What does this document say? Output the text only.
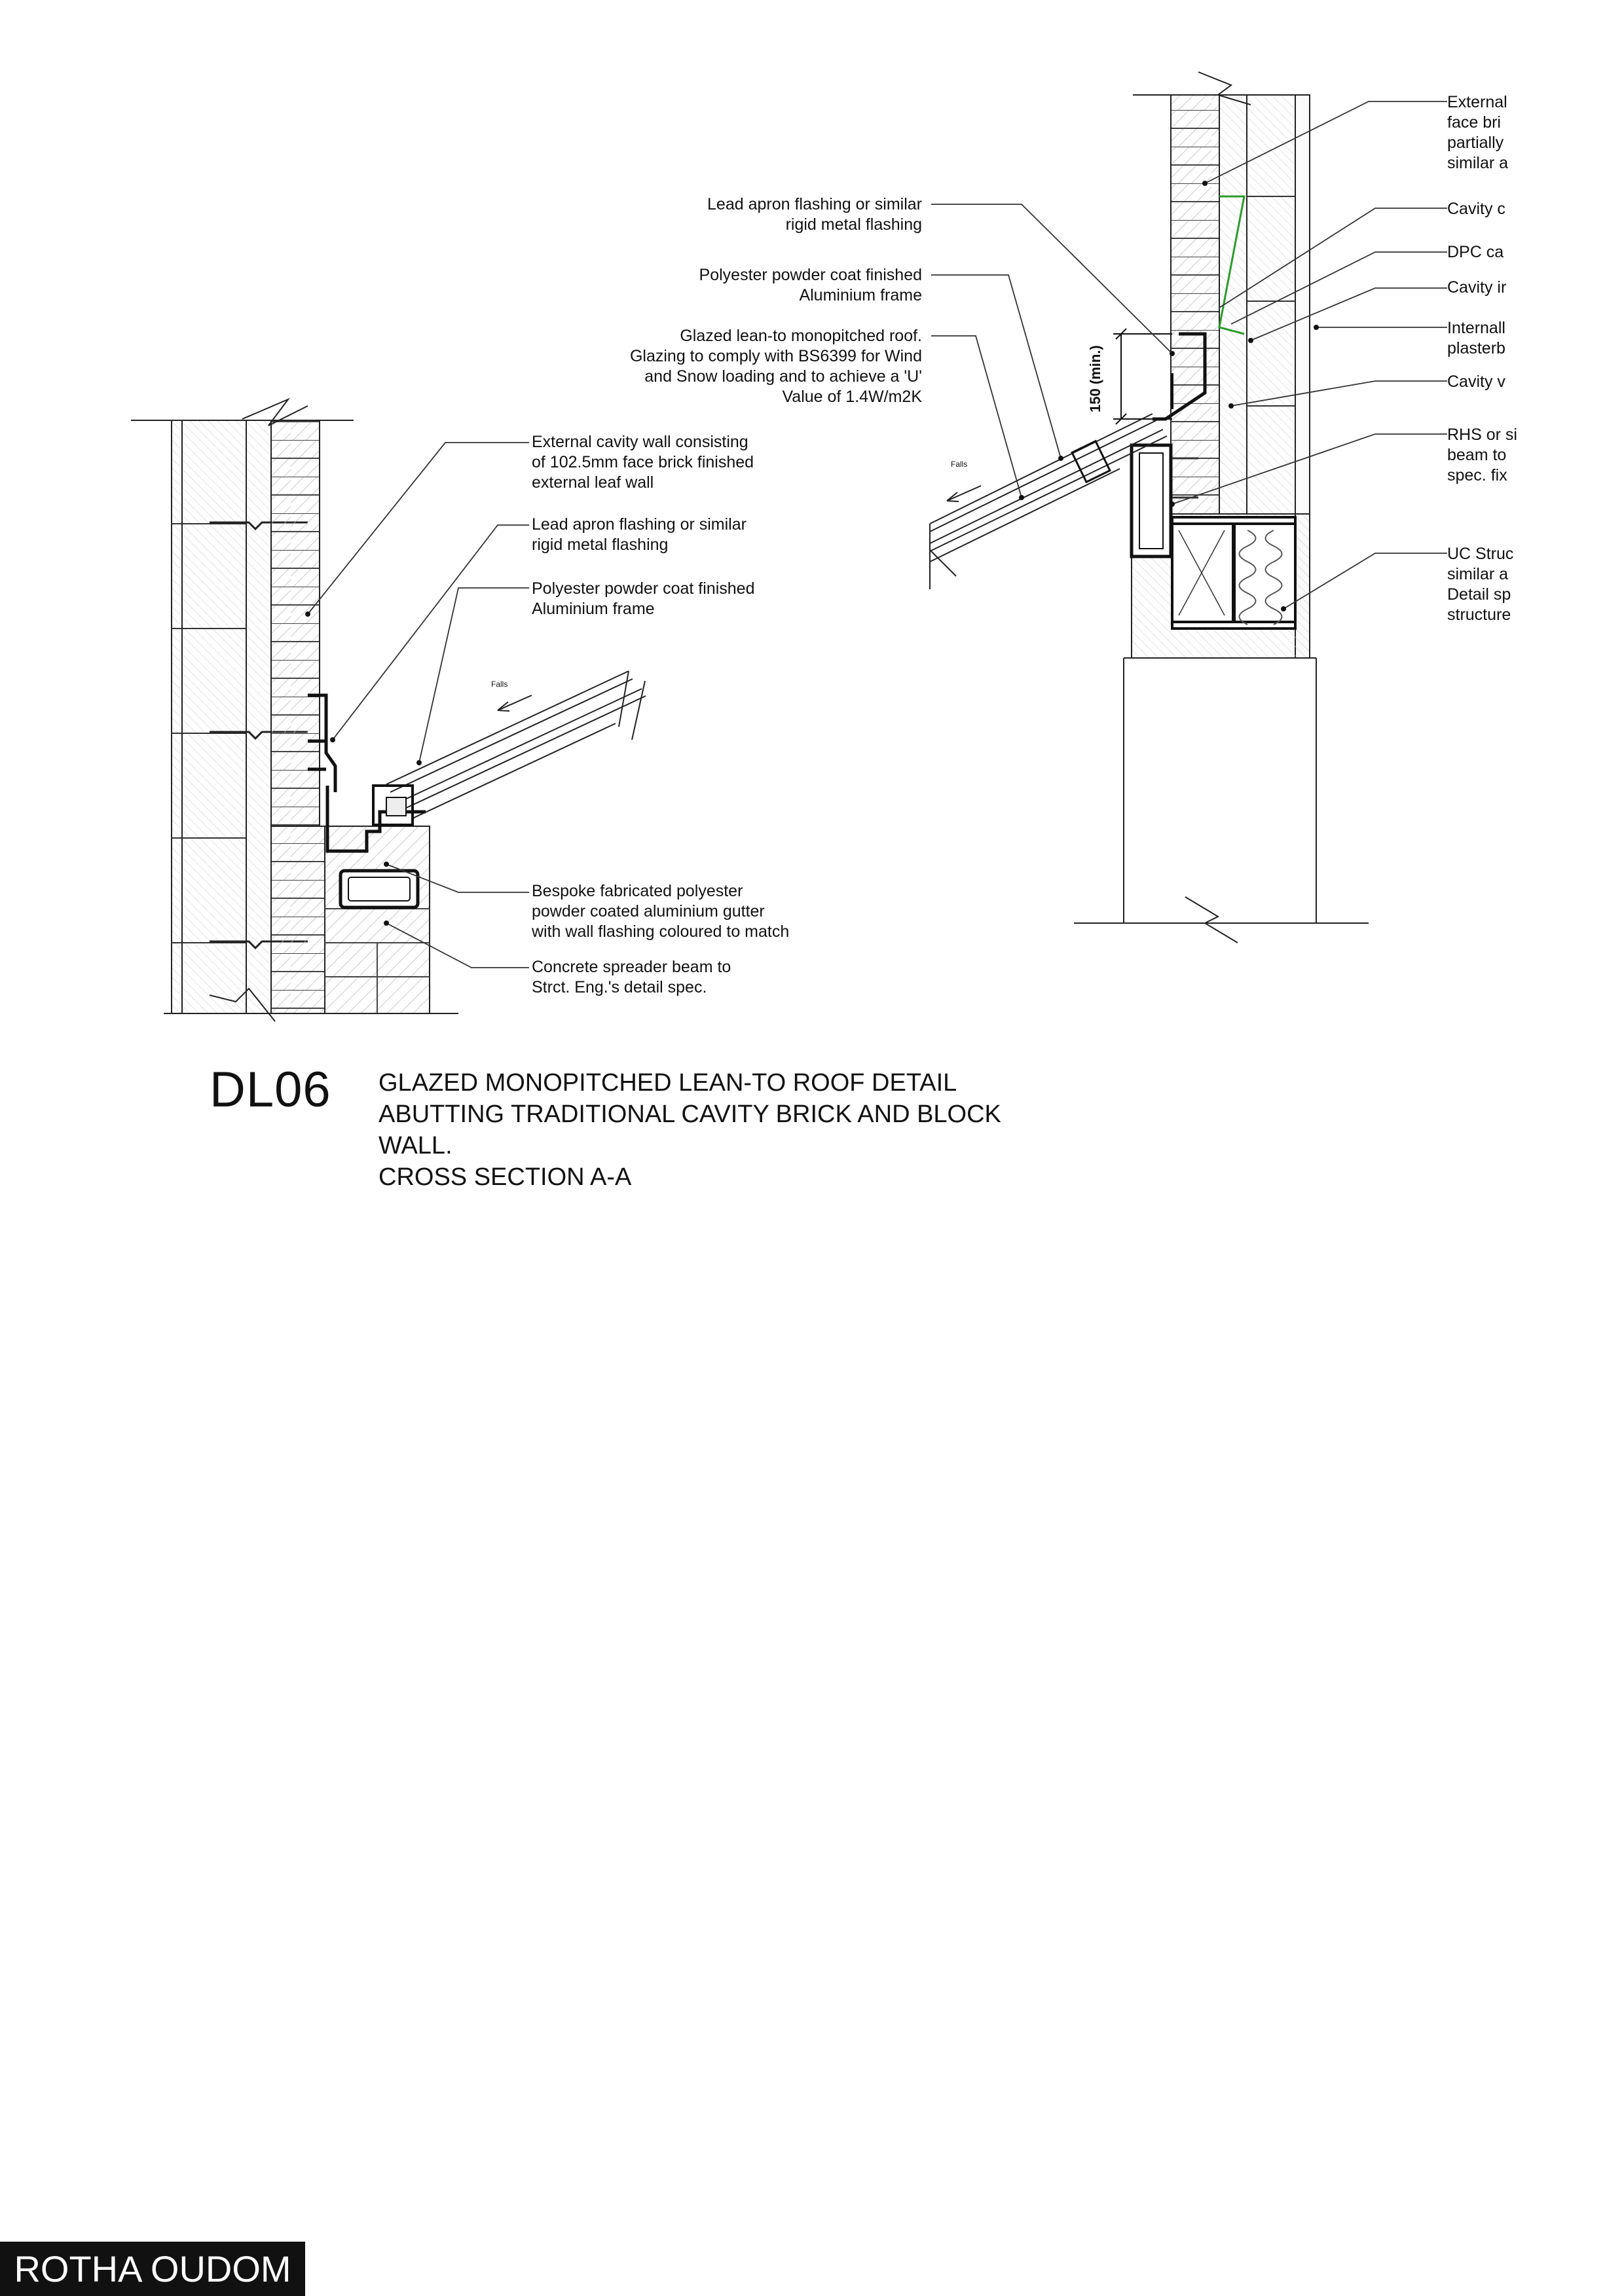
External cavity wall consisting
of 102.5mm face brick finished
external leaf wall
Lead apron flashing or similar
rigid metal flashing
Polyester powder coat finished
Aluminium frame
Bespoke fabricated polyester
powder coated aluminium gutter
with wall flashing coloured to match
Concrete spreader beam to
Strct. Eng.'s detail spec.
Falls
Lead apron flashing or similar
rigid metal flashing
Polyester powder coat finished
Aluminium frame
Glazed lean-to monopitched roof.
Glazing to comply with BS6399 for Wind
and Snow loading and to achieve a 'U'
Value of 1.4W/m2K
External
face bri
partially
similar a
Cavity c
DPC ca
Cavity ir
Internall
plasterb
Cavity v
RHS or si
beam to
spec. fix
UC Struc
similar a
Detail sp
structure
Falls
150 (min.)
DL06 GLAZED MONOPITCHED LEAN-TO ROOF DETAIL
ABUTTING TRADITIONAL CAVITY BRICK AND BLOCK
WALL.
CROSS SECTION A-A
ROTHA OUDOM
